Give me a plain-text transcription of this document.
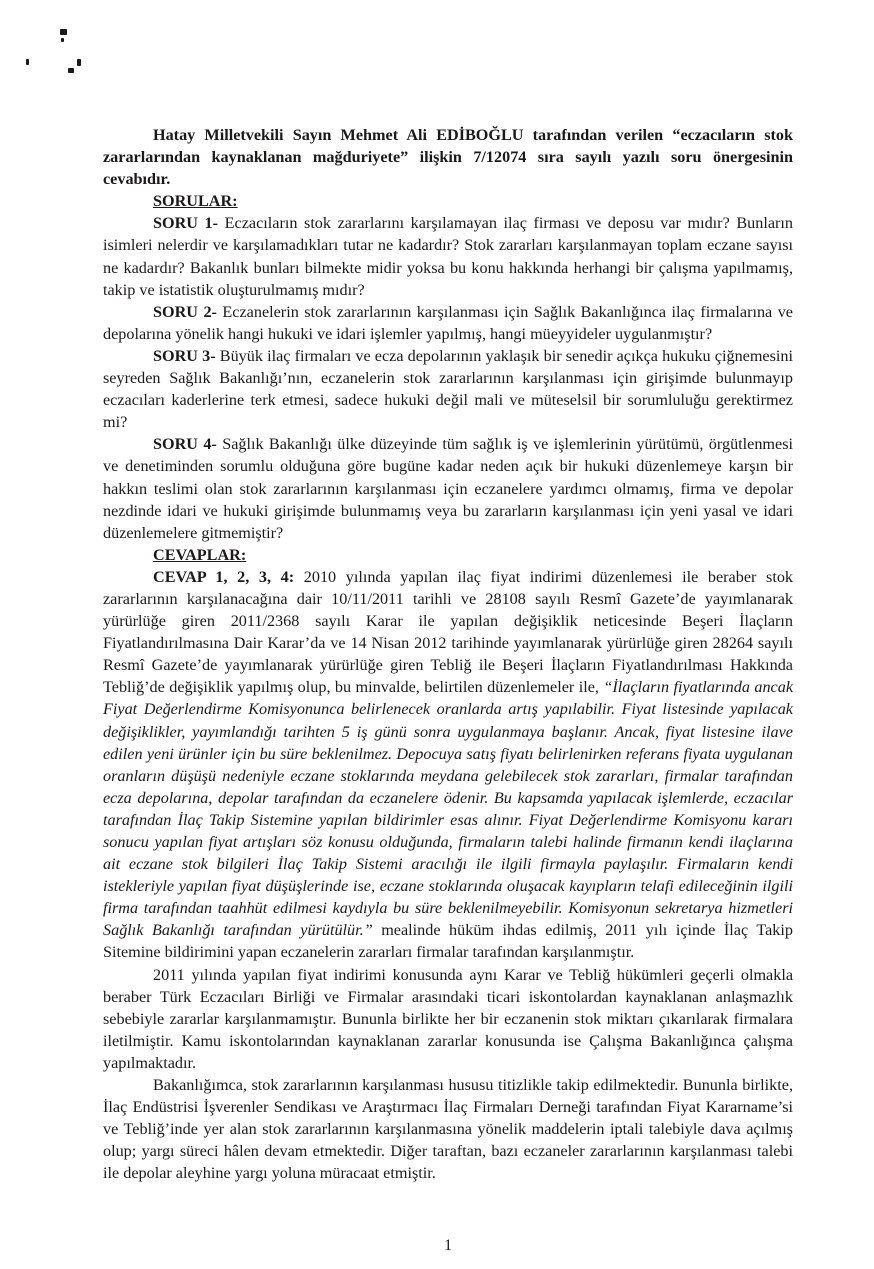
Hatay Milletvekili Sayın Mehmet Ali EDİBOĞLU tarafından verilen “eczacıların stok zararlarından kaynaklanan mağduriyete” ilişkin 7/12074 sıra sayılı yazılı soru önergesinin cevabıdır.

SORULAR:

SORU 1- Eczacıların stok zararlarını karşılamayan ilaç firması ve deposu var mıdır? Bunların isimleri nelerdir ve karşılamadıkları tutar ne kadardır? Stok zararları karşılanmayan toplam eczane sayısı ne kadardır? Bakanlık bunları bilmekte midir yoksa bu konu hakkında herhangi bir çalışma yapılmamış, takip ve istatistik oluşturulmamış mıdır?

SORU 2- Eczanelerin stok zararlarının karşılanması için Sağlık Bakanlığınca ilaç firmalarına ve depolarına yönelik hangi hukuki ve idari işlemler yapılmış, hangi müeyyideler uygulanmıştır?

SORU 3- Büyük ilaç firmaları ve ecza depolarının yaklaşık bir senedir açıkça hukuku çiğnemesini seyreden Sağlık Bakanlığı’nın, eczanelerin stok zararlarının karşılanması için girişimde bulunmayıp eczacıları kaderlerine terk etmesi, sadece hukuki değil mali ve müteselsil bir sorumluluğu gerektirmez mi?

SORU 4- Sağlık Bakanlığı ülke düzeyinde tüm sağlık iş ve işlemlerinin yürütümü, örgütlenmesi ve denetiminden sorumlu olduğuna göre bugüne kadar neden açık bir hukuki düzenlemeye karşın bir hakkın teslimi olan stok zararlarının karşılanması için eczanelere yardımcı olmamış, firma ve depolar nezdinde idari ve hukuki girişimde bulunmamış veya bu zararların karşılanması için yeni yasal ve idari düzenlemelere gitmemiştir?

CEVAPLAR:

CEVAP 1, 2, 3, 4: 2010 yılında yapılan ilaç fiyat indirimi düzenlemesi ile beraber stok zararlarının karşılanacağına dair 10/11/2011 tarihli ve 28108 sayılı Resmî Gazete’de yayımlanarak yürürlüğe giren 2011/2368 sayılı Karar ile yapılan değişiklik neticesinde Beşeri İlaçların Fiyatlandırılmasına Dair Karar’da ve 14 Nisan 2012 tarihinde yayımlanarak yürürlüğe giren 28264 sayılı Resmî Gazete’de yayımlanarak yürürlüğe giren Tebliğ ile Beşeri İlaçların Fiyatlandırılması Hakkında Tebliğ’de değişiklik yapılmış olup, bu minvalde, belirtilen düzenlemeler ile, “İlaçların fiyatlarında ancak Fiyat Değerlendirme Komisyonunca belirlenecek oranlarda artış yapılabilir. Fiyat listesinde yapılacak değişiklikler, yayımlandığı tarihten 5 iş günü sonra uygulanmaya başlanır. Ancak, fiyat listesine ilave edilen yeni ürünler için bu süre beklenilmez. Depocuya satış fiyatı belirlenirken referans fiyata uygulanan oranların düşüşü nedeniyle eczane stoklarında meydana gelebilecek stok zararları, firmalar tarafından ecza depolarına, depolar tarafından da eczanelere ödenir. Bu kapsamda yapılacak işlemlerde, eczacılar tarafından İlaç Takip Sistemine yapılan bildirimler esas alınır. Fiyat Değerlendirme Komisyonu kararı sonucu yapılan fiyat artışları söz konusu olduğunda, firmaların talebi halinde firmanın kendi ilaçlarına ait eczane stok bilgileri İlaç Takip Sistemi aracılığı ile ilgili firmayla paylaşılır. Firmaların kendi istekleriyle yapılan fiyat düşüşlerinde ise, eczane stoklarında oluşacak kayıpların telafi edileceğinin ilgili firma tarafından taahhüt edilmesi kaydıyla bu süre beklenilmeyebilir. Komisyonun sekretarya hizmetleri Sağlık Bakanlığı tarafından yürütülür.” mealinde hüküm ihdas edilmiş, 2011 yılı içinde İlaç Takip Sitemine bildirimini yapan eczanelerin zararları firmalar tarafından karşılanmıştır.

2011 yılında yapılan fiyat indirimi konusunda aynı Karar ve Tebliğ hükümleri geçerli olmakla beraber Türk Eczacıları Birliği ve Firmalar arasındaki ticari iskontolardan kaynaklanan anlaşmazlık sebebiyle zararlar karşılanmamıştır. Bununla birlikte her bir eczanenin stok miktarı çıkarılarak firmalara iletilmiştir. Kamu iskontolarından kaynaklanan zararlar konusunda ise Çalışma Bakanlığınca çalışma yapılmaktadır.

Bakanlığımca, stok zararlarının karşılanması hususu titizlikle takip edilmektedir. Bununla birlikte, İlaç Endüstrisi İşverenler Sendikası ve Araştırmacı İlaç Firmaları Derneği tarafından Fiyat Kararname’si ve Tebliğ’inde yer alan stok zararlarının karşılanmasına yönelik maddelerin iptali talebiyle dava açılmış olup; yargı süreci hâlen devam etmektedir. Diğer taraftan, bazı eczaneler zararlarının karşılanması talebi ile depolar aleyhine yargı yoluna müracaat etmiştir.

1
